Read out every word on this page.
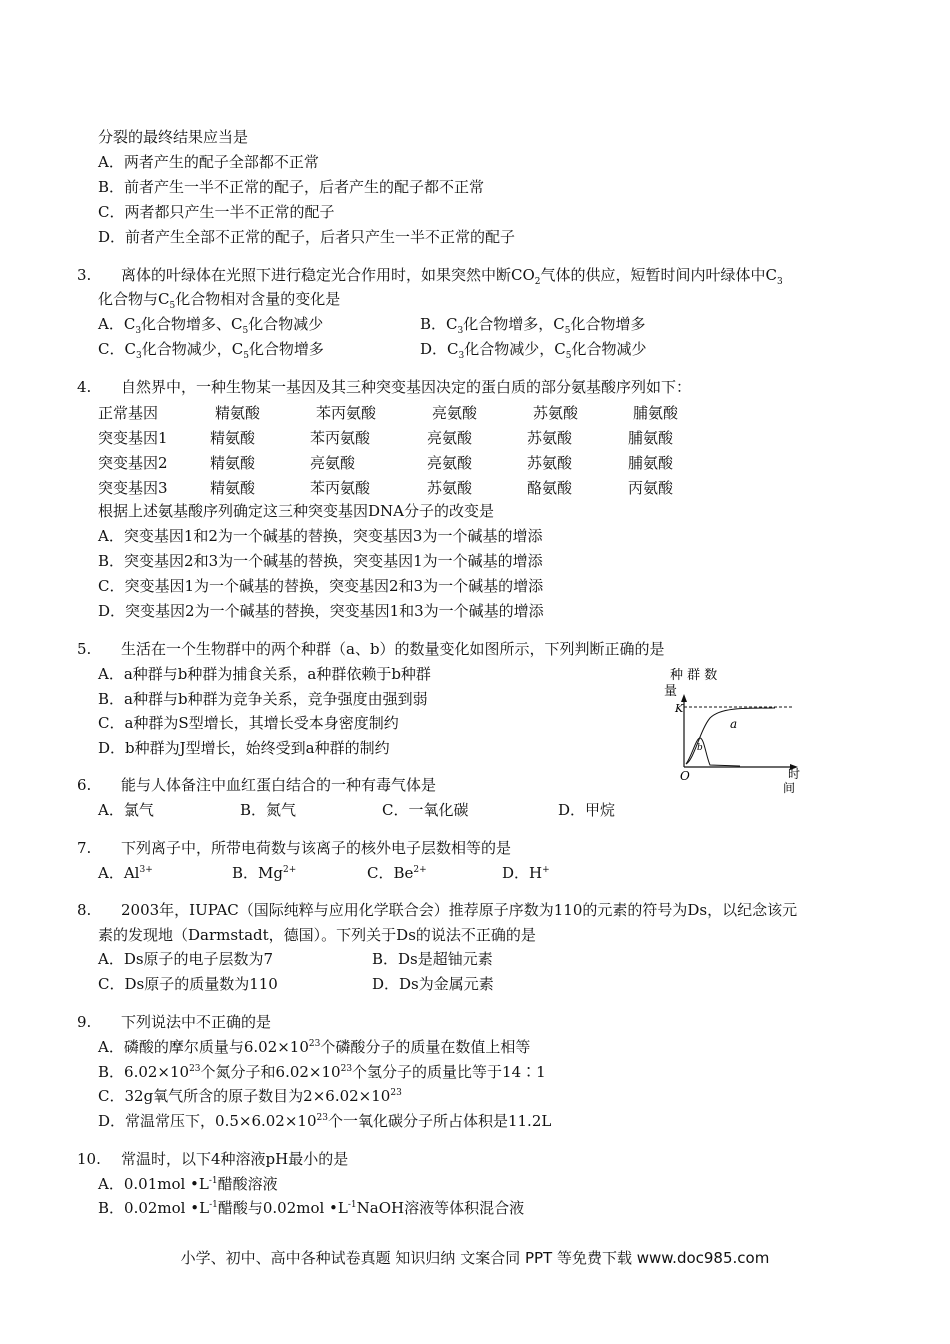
分裂的最终结果应当是
A．两者产生的配子全部都不正常
B．前者产生一半不正常的配子，后者产生的配子都不正常
C．两者都只产生一半不正常的配子
D．前者产生全部不正常的配子，后者只产生一半不正常的配子
3. 离体的叶绿体在光照下进行稳定光合作用时，如果突然中断$CO_2$气体的供应，短暂时间内叶绿体中$C_3$
化合物与$C_5$化合物相对含量的变化是
A．$C_3$化合物增多、$C_5$化合物减少	B．$C_3$化合物增多，$C_5$化合物增多
C．$C_3$化合物减少，$C_5$化合物增多	D．$C_3$化合物减少，$C_5$化合物减少
4. 自然界中，一种生物某一基因及其三种突变基因决定的蛋白质的部分氨基酸序列如下：
正常基因	精氨酸	苯丙氨酸	亮氨酸	苏氨酸	脯氨酸
突变基因1	精氨酸	苯丙氨酸	亮氨酸	苏氨酸	脯氨酸
突变基因2	精氨酸	亮氨酸	亮氨酸	苏氨酸	脯氨酸
突变基因3	精氨酸	苯丙氨酸	苏氨酸	酪氨酸	丙氨酸
根据上述氨基酸序列确定这三种突变基因DNA分子的改变是
A．突变基因1和2为一个碱基的替换，突变基因3为一个碱基的增添
B．突变基因2和3为一个碱基的替换，突变基因1为一个碱基的增添
C．突变基因1为一个碱基的替换，突变基因2和3为一个碱基的增添
D．突变基因2为一个碱基的替换，突变基因1和3为一个碱基的增添
5. 生活在一个生物群中的两个种群（a、b）的数量变化如图所示，下列判断正确的是
A．a种群与b种群为捕食关系，a种群依赖于b种群
B．a种群与b种群为竞争关系，竞争强度由强到弱
C．a种群为S型增长，其增长受本身密度制约
D．b种群为J型增长，始终受到a种群的制约
种 群 数
量
K
a
b
O	时
间
6. 能与人体备注中血红蛋白结合的一种有毒气体是
A．氯气	B．氮气	C．一氧化碳	D．甲烷
7. 下列离子中，所带电荷数与该离子的核外电子层数相等的是
A．$Al^{3+}$	B．$Mg^{2+}$	C．$Be^{2+}$	D．H+
8. 2003年，IUPAC（国际纯粹与应用化学联合会）推荐原子序数为110的元素的符号为Ds，以纪念该元
素的发现地（Darmstadt，德国）。下列关于Ds的说法不正确的是
A．Ds原子的电子层数为7	B．Ds是超铀元素
C．Ds原子的质量数为110	D．Ds为金属元素
9. 下列说法中不正确的是
A．磷酸的摩尔质量与$6.02\times 10^{23}$个磷酸分子的质量在数值上相等
B．$6.02\times 10^{23}$个氮分子和$6.02\times 10^{23}$个氢分子的质量比等于14∶1
C．32g氧气所含的原子数目为$2\times 6.02\times 10^{23}$
D．常温常压下，$0.5\times 6.02\times 10^{23}$个一氧化碳分子所占体积是11.2L
10. 常温时，以下4种溶液pH最小的是
A．0.01mol $•L^{-1}$醋酸溶液
B．0.02mol $•L^{-1}$醋酸与0.02mol $•L^{-1}NaOH$溶液等体积混合液
小学、初中、高中各种试卷真题 知识归纳 文案合同 PPT 等免费下载 www.doc985.com
